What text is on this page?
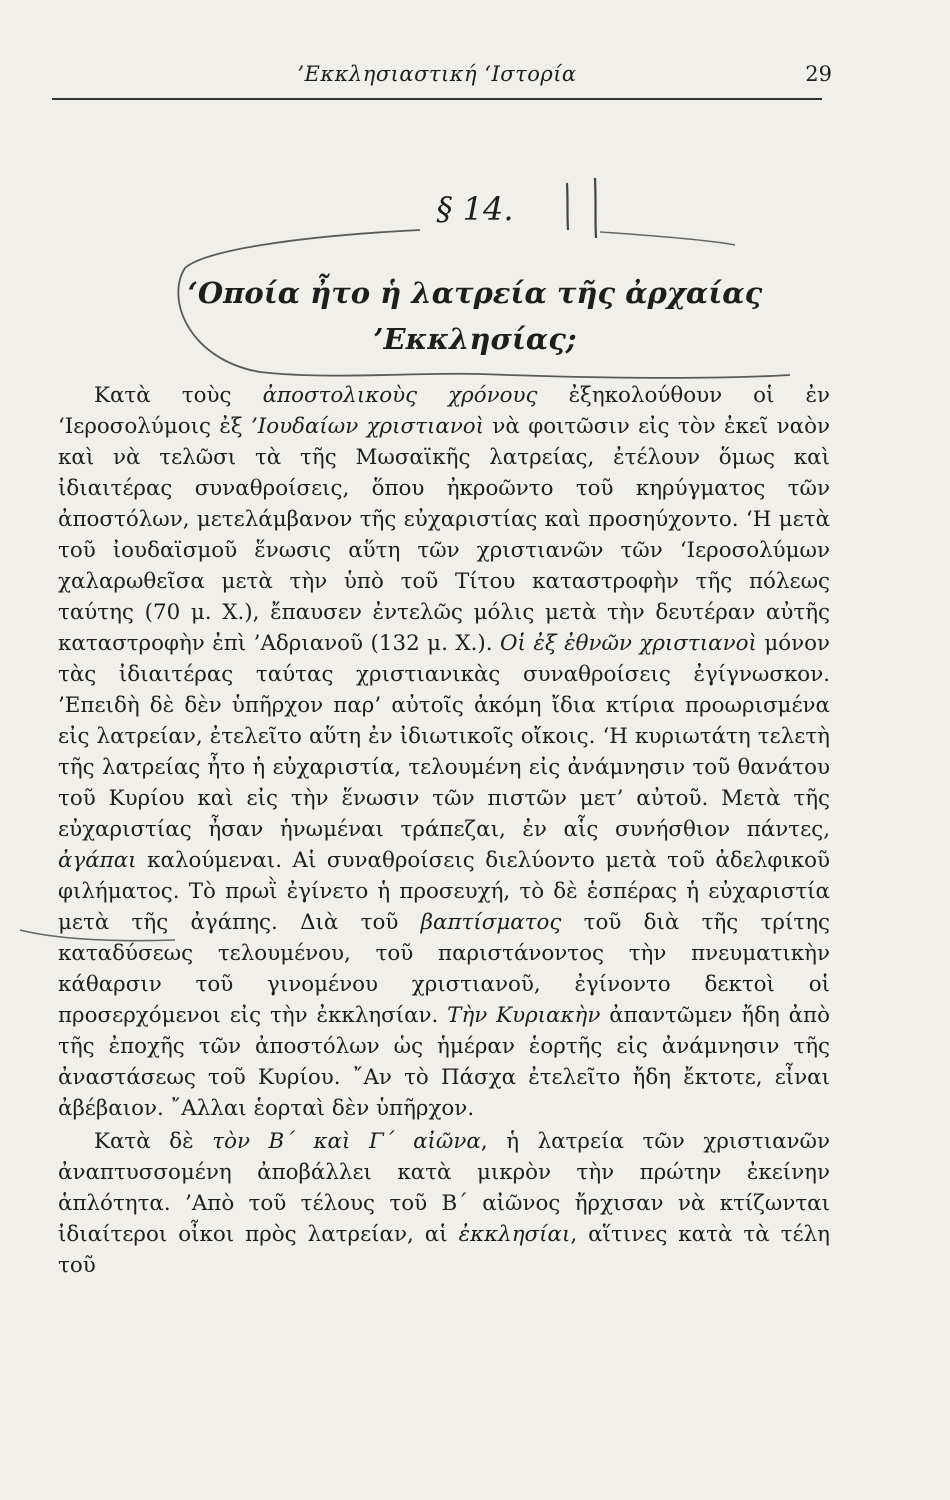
’Εκκλησιαστική ‘Ιστορία	29
§ 14.
‘Οποία ἦτο ἡ λατρεία τῆς ἀρχαίας
’Εκκλησίας;

Κατὰ τοὺς ἀποστολικοὺς χρόνους ἐξηκολούθουν οἱ ἐν ‘Ιεροσολύμοις ἐξ ’Ιουδαίων χριστιανοὶ νὰ φοιτῶσιν εἰς τὸν ἐκεῖ ναὸν καὶ νὰ τελῶσι τὰ τῆς Μωσαϊκῆς λατρείας, ἐτέλουν ὅμως καὶ ἰδιαιτέρας συναθροίσεις, ὅπου ἠκροῶντο τοῦ κηρύγματος τῶν ἀποστόλων, μετελάμβανον τῆς εὐχαριστίας καὶ προσηύχοντο. ‘Η μετὰ τοῦ ἰουδαϊσμοῦ ἕνωσις αὕτη τῶν χριστιανῶν τῶν ‘Ιεροσολύμων χαλαρωθεῖσα μετὰ τὴν ὑπὸ τοῦ Τίτου καταστροφὴν τῆς πόλεως ταύτης (70 μ. Χ.), ἔπαυσεν ἐντελῶς μόλις μετὰ τὴν δευτέραν αὐτῆς καταστροφὴν ἐπὶ ’Αδριανοῦ (132 μ. Χ.). Οἱ ἐξ ἐθνῶν χριστιανοὶ μόνον τὰς ἰδιαιτέρας ταύτας χριστιανικὰς συναθροίσεις ἐγίγνωσκον. ’Επειδὴ δὲ δὲν ὑπῆρχον παρ’ αὐτοῖς ἀκόμη ἴδια κτίρια προωρισμένα εἰς λατρείαν, ἐτελεῖτο αὕτη ἐν ἰδιωτικοῖς οἴκοις. ‘Η κυριωτάτη τελετὴ τῆς λατρείας ἦτο ἡ εὐχαριστία, τελουμένη εἰς ἀνάμνησιν τοῦ θανάτου τοῦ Κυρίου καὶ εἰς τὴν ἕνωσιν τῶν πιστῶν μετ’ αὐτοῦ. Μετὰ τῆς εὐχαριστίας ἦσαν ἡνωμέναι τράπεζαι, ἐν αἷς συνήσθιον πάντες, ἀγάπαι καλούμεναι. Αἱ συναθροίσεις διελύοντο μετὰ τοῦ ἀδελφικοῦ φιλήματος. Τὸ πρωῒ ἐγίνετο ἡ προσευχή, τὸ δὲ ἑσπέρας ἡ εὐχαριστία μετὰ τῆς ἀγάπης. Διὰ τοῦ βαπτίσματος τοῦ διὰ τῆς τρίτης καταδύσεως τελουμένου, τοῦ παριστάνοντος τὴν πνευματικὴν κάθαρσιν τοῦ γινομένου χριστιανοῦ, ἐγίνοντο δεκτοὶ οἱ προσερχόμενοι εἰς τὴν ἐκκλησίαν. Τὴν Κυριακὴν ἀπαντῶμεν ἤδη ἀπὸ τῆς ἐποχῆς τῶν ἀποστόλων ὡς ἡμέραν ἑορτῆς εἰς ἀνάμνησιν τῆς ἀναστάσεως τοῦ Κυρίου. ῎Αν τὸ Πάσχα ἐτελεῖτο ἤδη ἔκτοτε, εἶναι ἀβέβαιον. ῎Αλλαι ἑορταὶ δὲν ὑπῆρχον.

Κατὰ δὲ τὸν Β΄ καὶ Γ΄ αἰῶνα, ἡ λατρεία τῶν χριστιανῶν ἀναπτυσσομένη ἀποβάλλει κατὰ μικρὸν τὴν πρώτην ἐκείνην ἁπλότητα. ’Απὸ τοῦ τέλους τοῦ Β΄ αἰῶνος ἤρχισαν νὰ κτίζωνται ἰδιαίτεροι οἶκοι πρὸς λατρείαν, αἱ ἐκκλησίαι, αἵτινες κατὰ τὰ τέλη τοῦ
